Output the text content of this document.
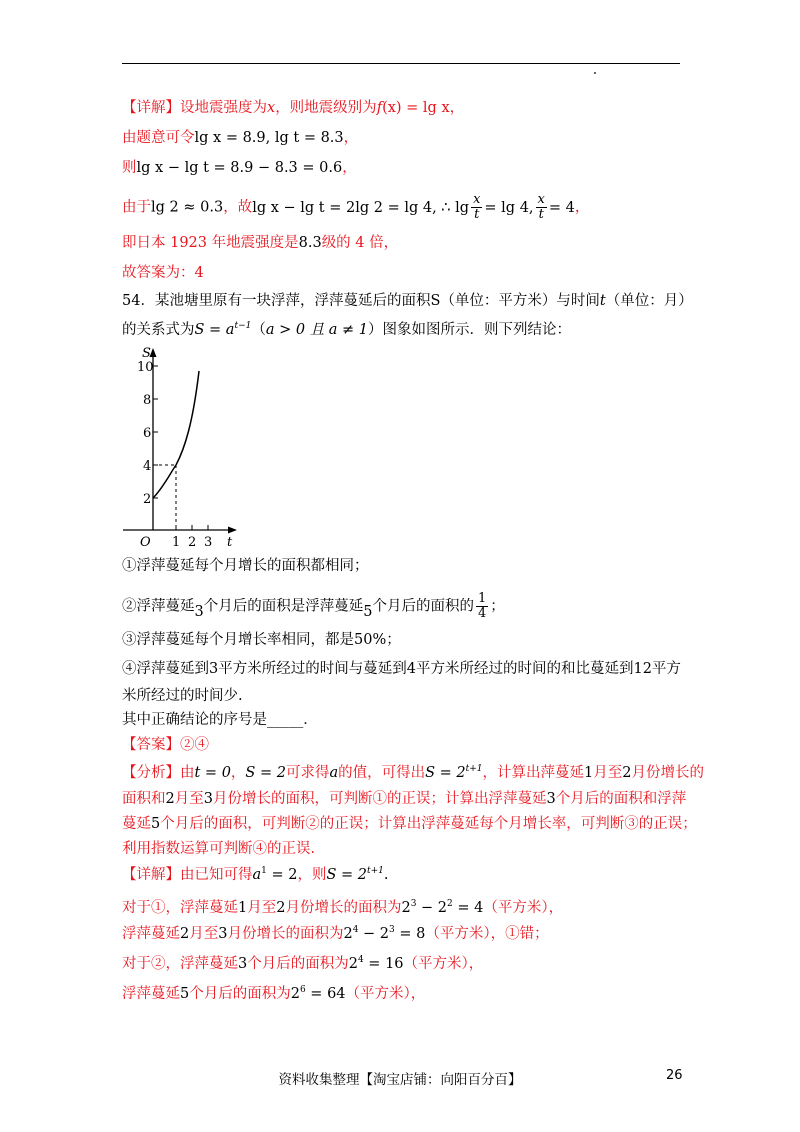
【详解】设地震强度为x，则地震级别为f(x) = lg x，
由题意可令lg x = 8.9, lg t = 8.3，
则lg x − lg t = 8.9 − 8.3 = 0.6，
由于lg 2 ≈ 0.3，故lg x − lg t = 2lg 2 = lg 4, ∴ $\lg \frac{x}{t} = \lg 4$, $\frac{x}{t} = 4$，
即日本 1923 年地震强度是8.3级的 4 倍，
故答案为：4
54．某池塘里原有一块浮萍，浮萍蔓延后的面积S（单位：平方米）与时间t（单位：月）
的关系式为$S = a^{t-1}(a > 0$ 且 a ≠ 1）图象如图所示．则下列结论：
S
t
O
10
8
6
4
2
1 2 3
①浮萍蔓延每个月增长的面积都相同；
②浮萍蔓延3个月后的面积是浮萍蔓延5个月后的面积的 $\frac{1}{4}$ ；
③浮萍蔓延每个月增长率相同，都是50%；
④浮萍蔓延到3平方米所经过的时间与蔓延到4平方米所经过的时间的和比蔓延到12平方
米所经过的时间少.
其中正确结论的序号是_____．
【答案】②④
【分析】由t = 0，S = 2可求得a的值，可得出$S = 2^{t+1}$，计算出萍蔓延1月至2月份增长的
面积和2月至3月份增长的面积，可判断①的正误；计算出浮萍蔓延3个月后的面积和浮萍
蔓延5个月后的面积，可判断②的正误；计算出浮萍蔓延每个月增长率，可判断③的正误；
利用指数运算可判断④的正误.
【详解】由已知可得$a^1 = 2$，则$S = 2^{t+1}$.
对于①，浮萍蔓延1月至2月份增长的面积为$2^3 - 2^2 = 4$（平方米），
浮萍蔓延2月至3月份增长的面积为$2^4 - 2^3 = 8$（平方米），①错；
对于②，浮萍蔓延3个月后的面积为$2^4 = 16$（平方米），
浮萍蔓延5个月后的面积为$2^6 = 64$（平方米），
资料收集整理【淘宝店铺：向阳百分百】	26
